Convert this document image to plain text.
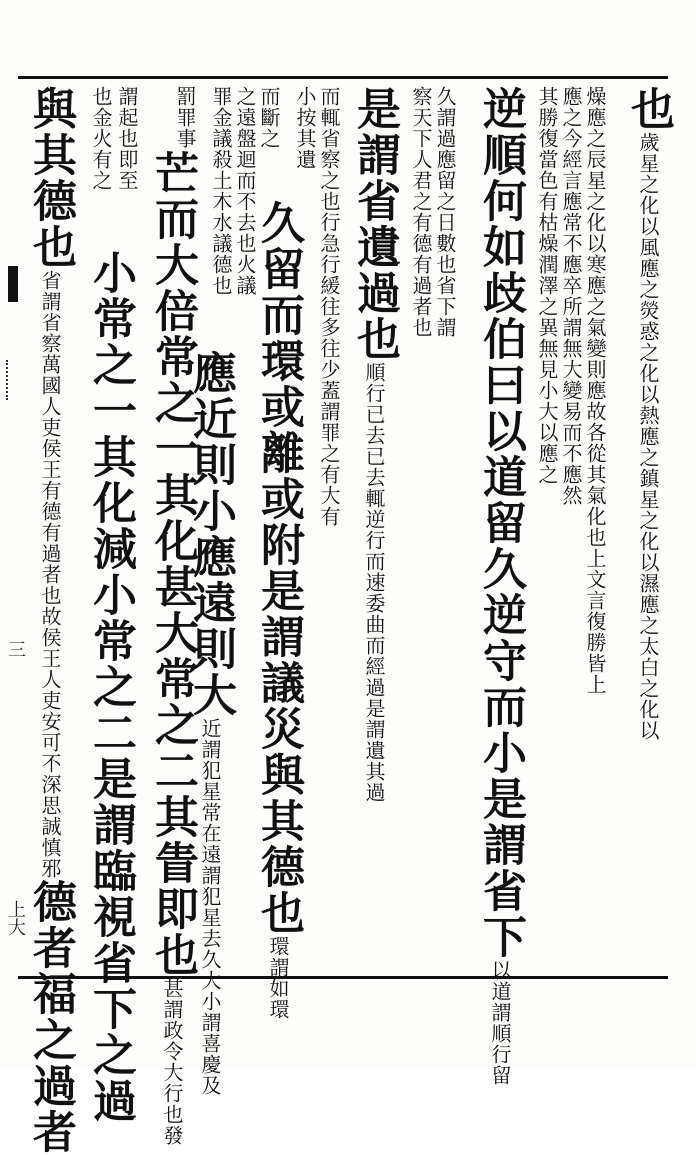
也歲星之化以風應之熒惑之化以熱應之鎮星之化以濕應之太白之化以
燥應之辰星之化以寒應之氣變則應故各從其氣化也上文言復勝皆上
應之今經言應常不應卒所謂無大變易而不應然
其勝復當色有枯燥潤澤之異無見小大以應之
逆順何如歧伯曰以道留久逆守而小是謂省下以道謂順行留
久謂過應留之日數也省下謂
察天下人君之有德有過者也
是謂省遺過也順行已去已去輒逆行而速委曲而經過是謂遺其過
而輒省察之也行急行緩往多往少蓋謂罪之有大有
小按其遺
久留而環或離或附是謂議災與其德也環謂如環
而斷之
之遠盤迴而不去也火議
罪金議殺土木水議德也
應近則小應遠則大近謂犯星常在遠謂犯星去久大小謂喜慶及
罰罪事
芒而大倍常之一其化甚大常之二其眚即也甚謂政令大行也發
謂起也即至
也金火有之
小常之一其化減小常之二是謂臨視省下之過
與其德也省謂省察萬國人吏侯王有德有過者也故侯王人吏安可不深思誠慎邪德者福之過者
三
上大
